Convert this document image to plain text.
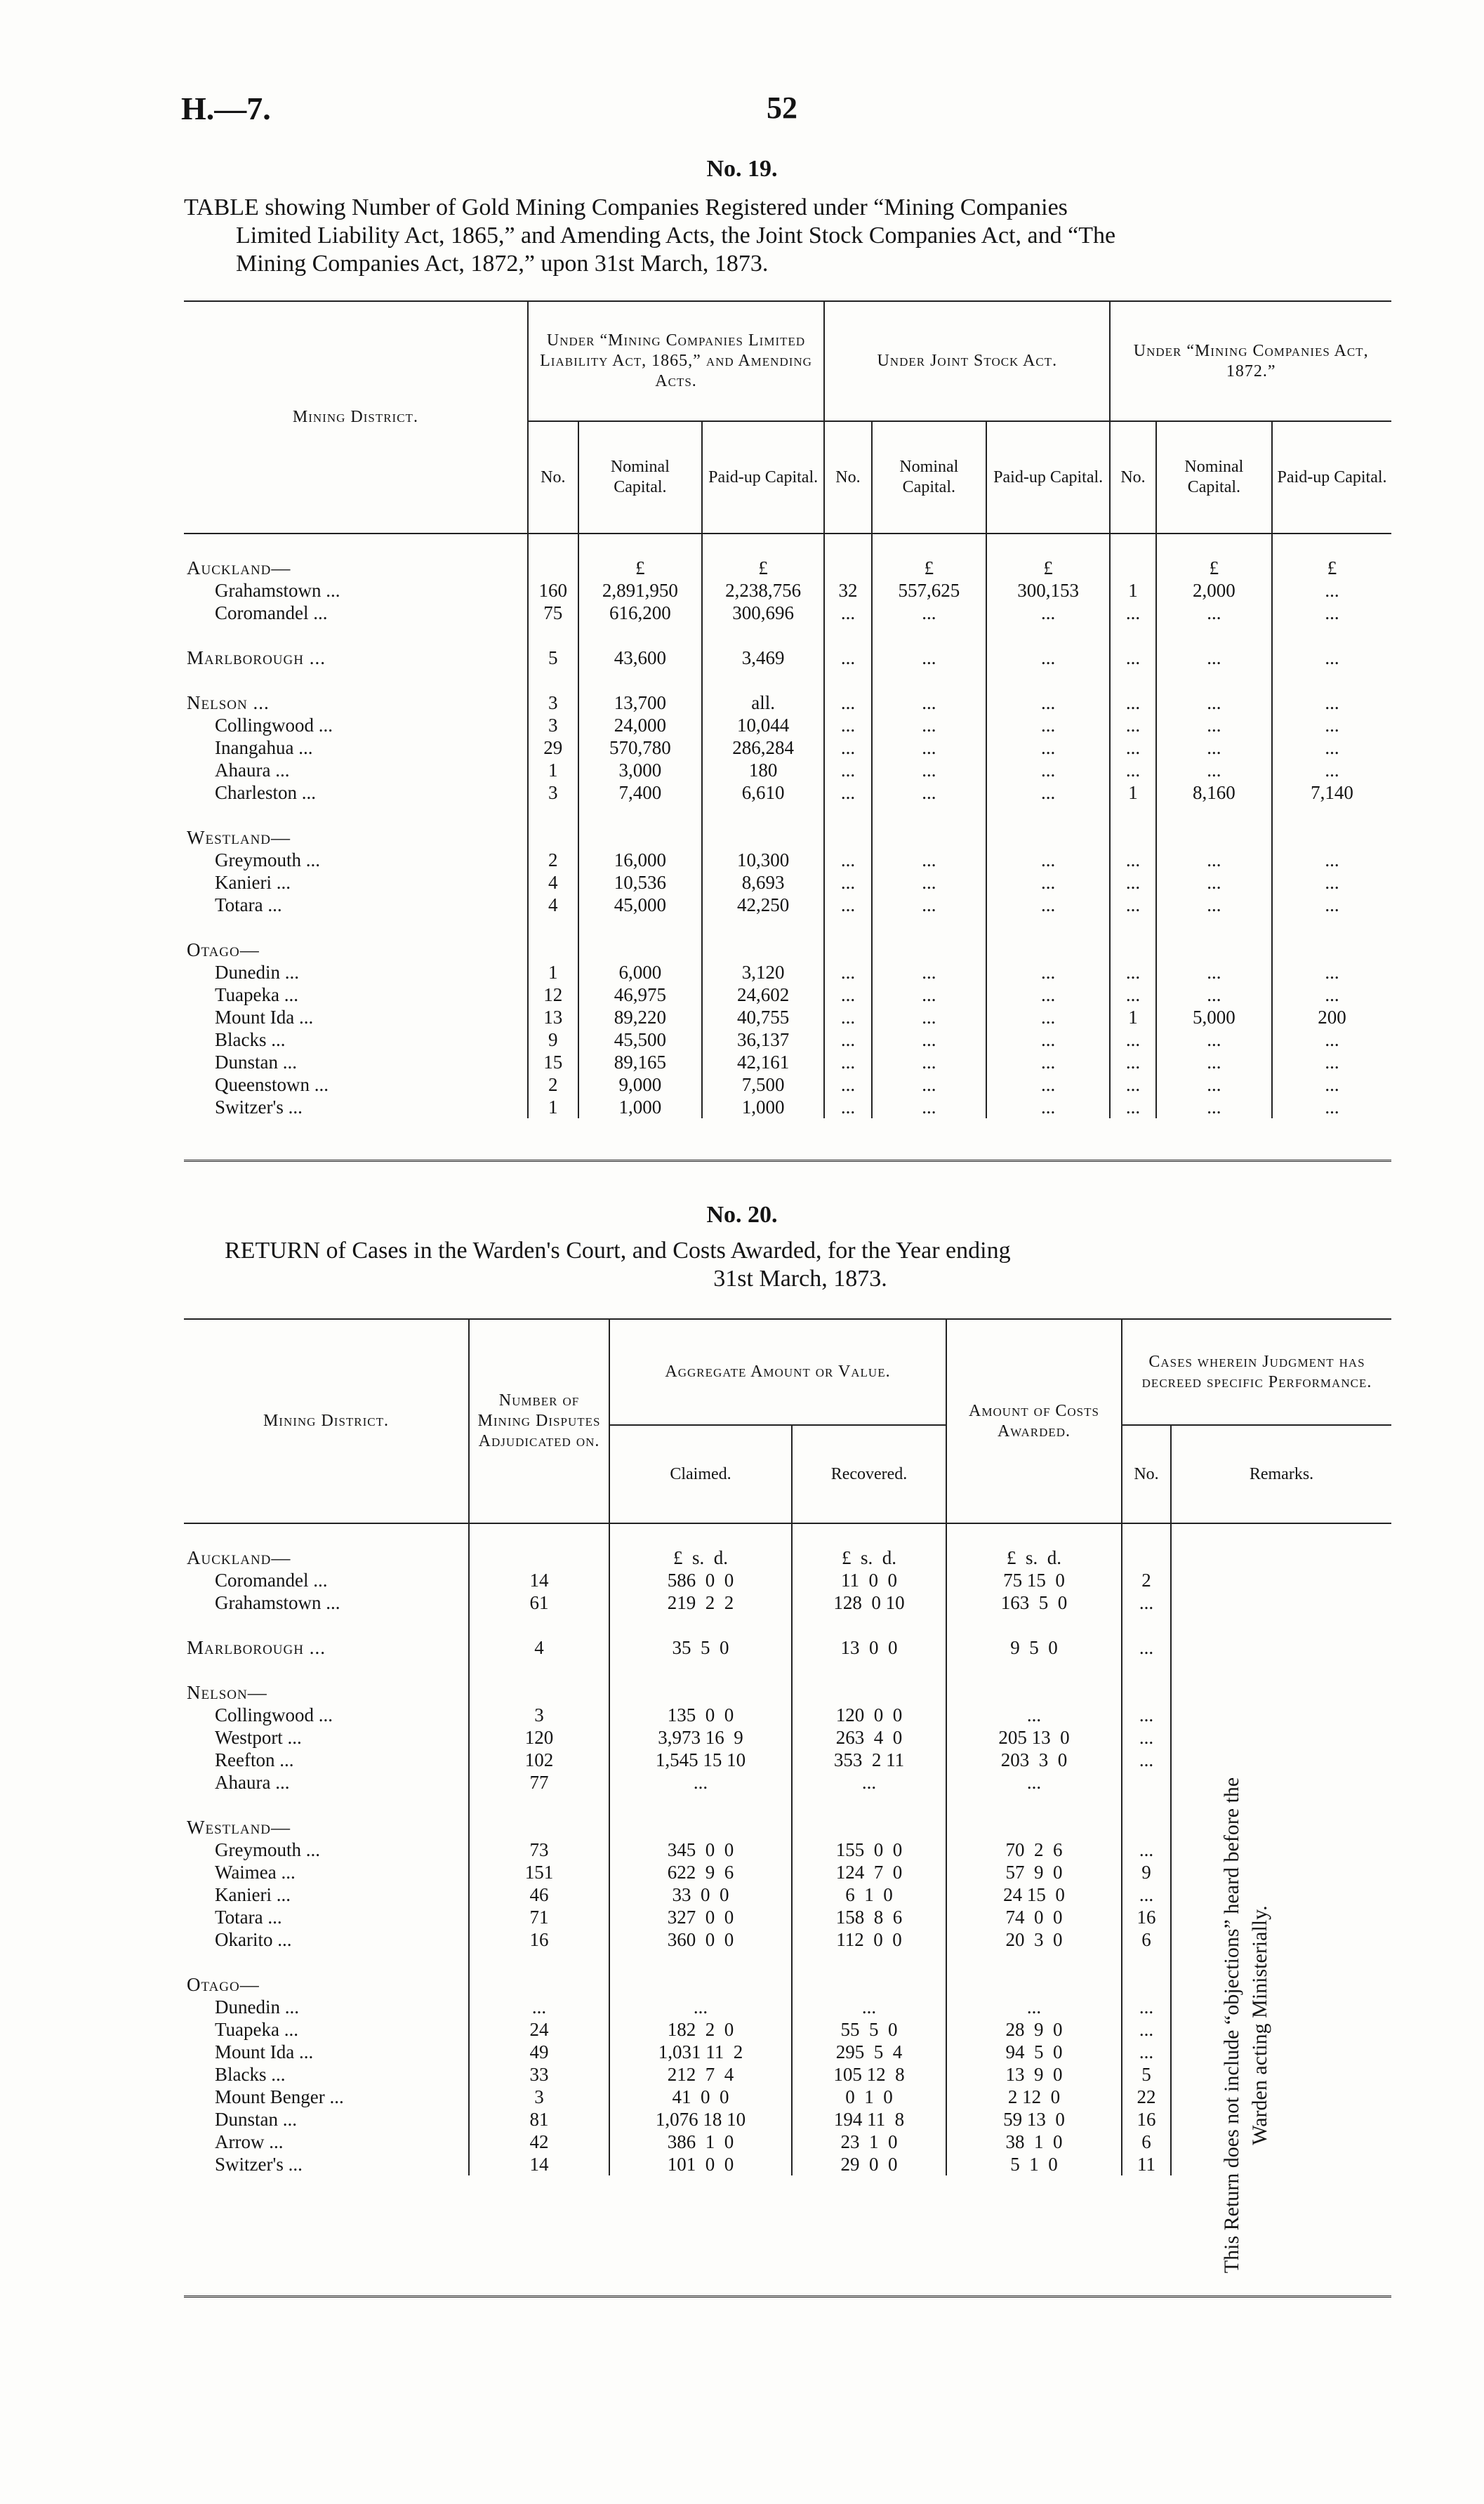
H.—7.	52
No. 19.
TABLE showing Number of Gold Mining Companies Registered under “Mining Companies
Limited Liability Act, 1865,” and Amending Acts, the Joint Stock Companies Act, and “The
Mining Companies Act, 1872,” upon 31st March, 1873.
Mining District.	Under “Mining Companies Limited Liability Act, 1865,” and Amending Acts.			Under Joint Stock Act.			Under “Mining Companies Act, 1872.”		
	No.	Nominal Capital.	Paid-up Capital.	No.	Nominal Capital.	Paid-up Capital.	No.	Nominal Capital.	Paid-up Capital.

Auckland—		£	£		£	£		£	£
Grahamstown ...	160	2,891,950	2,238,756	32	557,625	300,153	1	2,000	...
Coromandel ...	75	616,200	300,696	...	...	...	...	...	...

Marlborough ...	5	43,600	3,469	...	...	...	...	...	...

Nelson ...	3	13,700	all.	...	...	...	...	...	...
Collingwood ...	3	24,000	10,044	...	...	...	...	...	...
Inangahua ...	29	570,780	286,284	...	...	...	...	...	...
Ahaura ...	1	3,000	180	...	...	...	...	...	...
Charleston ...	3	7,400	6,610	...	...	...	1	8,160	7,140

Westland—									
Greymouth ...	2	16,000	10,300	...	...	...	...	...	...
Kanieri ...	4	10,536	8,693	...	...	...	...	...	...
Totara ...	4	45,000	42,250	...	...	...	...	...	...

Otago—									
Dunedin ...	1	6,000	3,120	...	...	...	...	...	...
Tuapeka ...	12	46,975	24,602	...	...	...	...	...	...
Mount Ida ...	13	89,220	40,755	...	...	...	1	5,000	200
Blacks ...	9	45,500	36,137	...	...	...	...	...	...
Dunstan ...	15	89,165	42,161	...	...	...	...	...	...
Queenstown ...	2	9,000	7,500	...	...	...	...	...	...
Switzer's ...	1	1,000	1,000	...	...	...	...	...	...
No. 20.
RETURN of Cases in the Warden's Court, and Costs Awarded, for the Year ending
31st March, 1873.
Mining District.	Number of Mining Disputes Adjudicated on.	Aggregate Amount or Value.		Amount of Costs Awarded.	Cases wherein Judgment has decreed specific Performance.	
		Claimed.	Recovered.		No.	Remarks.

Auckland—		£  s.  d.	£  s.  d.	£  s.  d.		
Coromandel ...	14	586  0  0	11  0  0	75 15  0	2	
Grahamstown ...	61	219  2  2	128  0 10	163  5  0	...	

Marlborough ...	4	35  5  0	13  0  0	9  5  0	...	

Nelson—						
Collingwood ...	3	135  0  0	120  0  0	...	...	
Westport ...	120	3,973 16  9	263  4  0	205 13  0	...	
Reefton ...	102	1,545 15 10	353  2 11	203  3  0	...	
Ahaura ...	77	...	...	...		

Westland—						
Greymouth ...	73	345  0  0	155  0  0	70  2  6	...	
Waimea ...	151	622  9  6	124  7  0	57  9  0	9	
Kanieri ...	46	33  0  0	6  1  0	24 15  0	...	
Totara ...	71	327  0  0	158  8  6	74  0  0	16	
Okarito ...	16	360  0  0	112  0  0	20  3  0	6	

Otago—						
Dunedin ...	...	...	...	...	...	
Tuapeka ...	24	182  2  0	55  5  0	28  9  0	...	
Mount Ida ...	49	1,031 11  2	295  5  4	94  5  0	...	
Blacks ...	33	212  7  4	105 12  8	13  9  0	5	
Mount Benger ...	3	41  0  0	0  1  0	2 12  0	22	
Dunstan ...	81	1,076 18 10	194 11  8	59 13  0	16	
Arrow ...	42	386  1  0	23  1  0	38  1  0	6	
Switzer's ...	14	101  0  0	29  0  0	5  1  0	11		This Return does not include “objections” heard before the Warden acting Ministerially.
